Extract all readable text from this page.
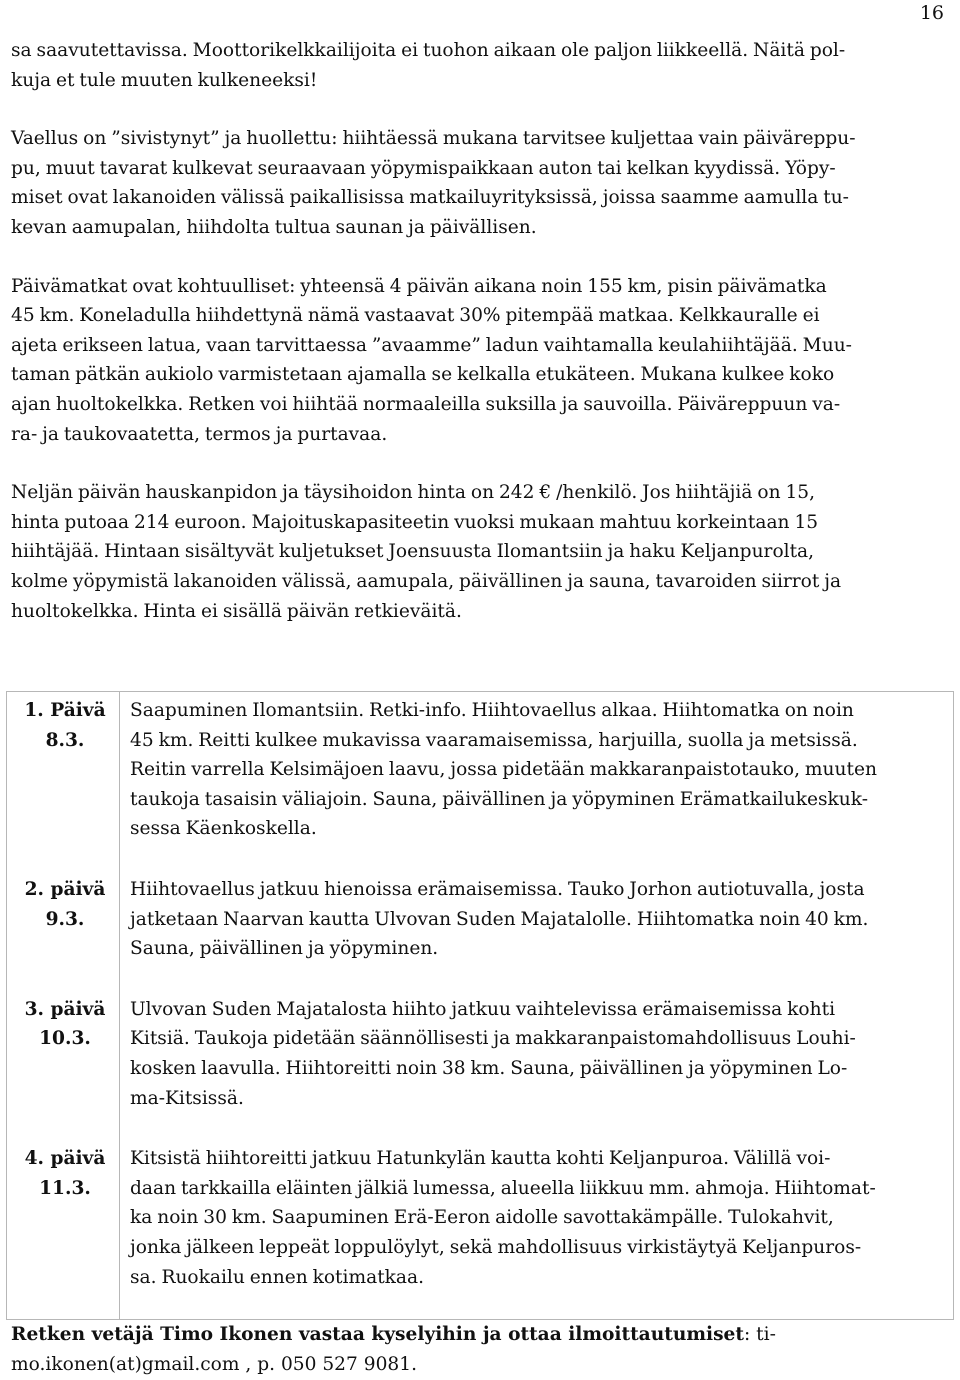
16

sa saavutettavissa. Moottorikelkkailijoita ei tuohon aikaan ole paljon liikkeellä. Näitä pol-
kuja et tule muuten kulkeneeksi!

Vaellus on ”sivistynyt” ja huollettu: hiihtäessä mukana tarvitsee kuljettaa vain päiväreppu-
pu, muut tavarat kulkevat seuraavaan yöpymispaikkaan auton tai kelkan kyydissä. Yöpy-
miset ovat lakanoiden välissä paikallisissa matkailuyrityksissä, joissa saamme aamulla tu-
kevan aamupalan, hiihdolta tultua saunan ja päivällisen.

Päivämatkat ovat kohtuulliset: yhteensä 4 päivän aikana noin 155 km, pisin päivämatka
45 km. Koneladulla hiihdettynä nämä vastaavat 30% pitempää matkaa. Kelkkauralle ei
ajeta erikseen latua, vaan tarvittaessa ”avaamme” ladun vaihtamalla keulahiihtäjää. Muu-
taman pätkän aukiolo varmistetaan ajamalla se kelkalla etukäteen. Mukana kulkee koko
ajan huoltokelkka. Retken voi hiihtää normaaleilla suksilla ja sauvoilla. Päiväreppuun va-
ra- ja taukovaatetta, termos ja purtavaa.

Neljän päivän hauskanpidon ja täysihoidon hinta on 242 € /henkilö. Jos hiihtäjiä on 15,
hinta putoaa 214 euroon. Majoituskapasiteetin vuoksi mukaan mahtuu korkeintaan 15
hiihtäjää. Hintaan sisältyvät kuljetukset Joensuusta Ilomantsiin ja haku Keljanpurolta,
kolme yöpymistä lakanoiden välissä, aamupala, päivällinen ja sauna, tavaroiden siirrot ja
huoltokelkka. Hinta ei sisällä päivän retkieväitä.

1. Päivä
8.3.	Saapuminen Ilomantsiin. Retki-info. Hiihtovaellus alkaa. Hiihtomatka on noin
45 km. Reitti kulkee mukavissa vaaramaisemissa, harjuilla, suolla ja metsissä.
Reitin varrella Kelsimäjoen laavu, jossa pidetään makkaranpaistotauko, muuten
taukoja tasaisin väliajoin. Sauna, päivällinen ja yöpyminen Erämatkailukeskuk-
sessa Käenkoskella.

2. päivä
9.3.	Hiihtovaellus jatkuu hienoissa erämaisemissa. Tauko Jorhon autiotuvalla, josta
jatketaan Naarvan kautta Ulvovan Suden Majatalolle. Hiihtomatka noin 40 km.
Sauna, päivällinen ja yöpyminen.

3. päivä
10.3.	Ulvovan Suden Majatalosta hiihto jatkuu vaihtelevissa erämaisemissa kohti
Kitsiä. Taukoja pidetään säännöllisesti ja makkaranpaistomahdollisuus Louhi-
kosken laavulla. Hiihtoreitti noin 38 km. Sauna, päivällinen ja yöpyminen Lo-
ma-Kitsissä.

4. päivä
11.3.	Kitsistä hiihtoreitti jatkuu Hatunkylän kautta kohti Keljanpuroa. Välillä voi-
daan tarkkailla eläinten jälkiä lumessa, alueella liikkuu mm. ahmoja. Hiihtomat-
ka noin 30 km. Saapuminen Erä-Eeron aidolle savottakämpälle. Tulokahvit,
jonka jälkeen leppeät loppulöylyt, sekä mahdollisuus virkistäytyä Keljanpuros-
sa. Ruokailu ennen kotimatkaa.
Retken vetäjä Timo Ikonen vastaa kyselyihin ja ottaa ilmoittautumiset: ti-
mo.ikonen(at)gmail.com , p. 050 527 9081.
